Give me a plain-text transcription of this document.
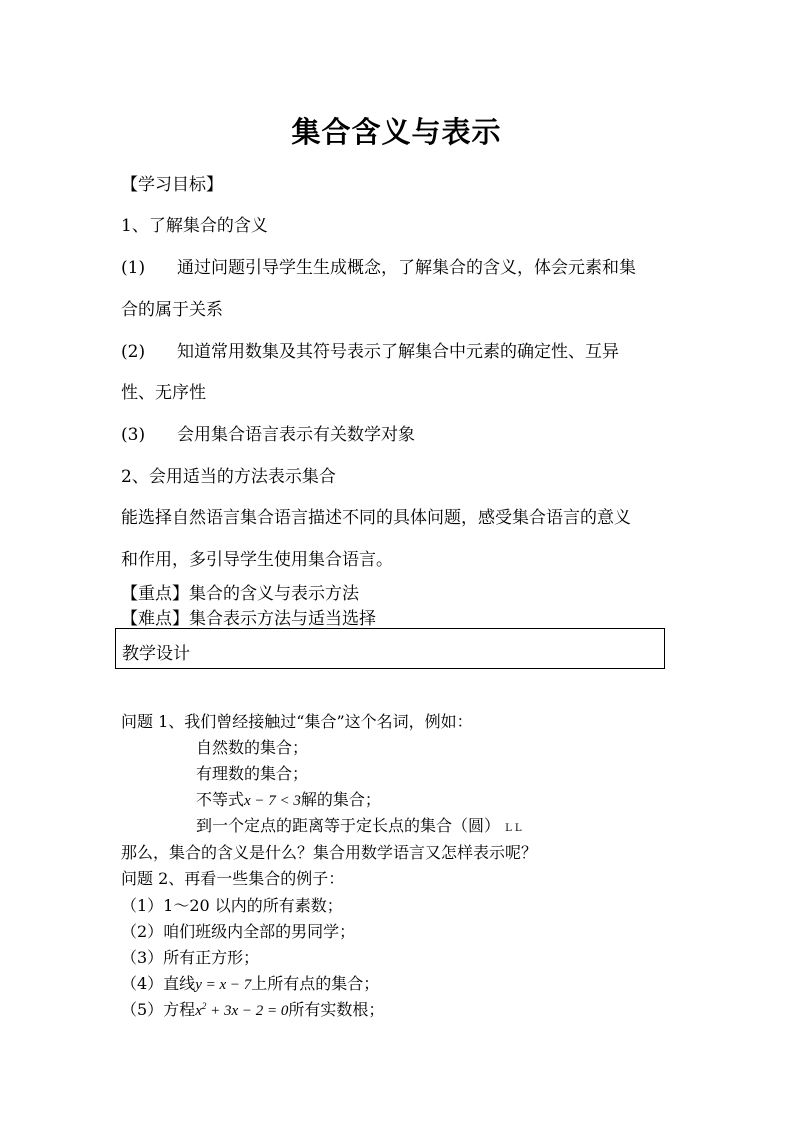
集合含义与表示
【学习目标】
1、了解集合的含义
(1) 通过问题引导学生生成概念，了解集合的含义，体会元素和集
合的属于关系
(2) 知道常用数集及其符号表示了解集合中元素的确定性、互异
性、无序性
(3) 会用集合语言表示有关数学对象
2、会用适当的方法表示集合
能选择自然语言集合语言描述不同的具体问题，感受集合语言的意义
和作用，多引导学生使用集合语言。
【重点】集合的含义与表示方法
【难点】集合表示方法与适当选择
教学设计
问题 1、我们曾经接触过“集合”这个名词，例如：
自然数的集合；
有理数的集合；
不等式x − 7 < 3解的集合；
到一个定点的距离等于定长点的集合（圆） L L
那么，集合的含义是什么？集合用数学语言又怎样表示呢？
问题 2、再看一些集合的例子：
（1）1～20 以内的所有素数；
（2）咱们班级内全部的男同学；
（3）所有正方形；
（4）直线y = x − 7上所有点的集合；
（5）方程$x^2 + 3x - 2 = 0$所有实数根；
